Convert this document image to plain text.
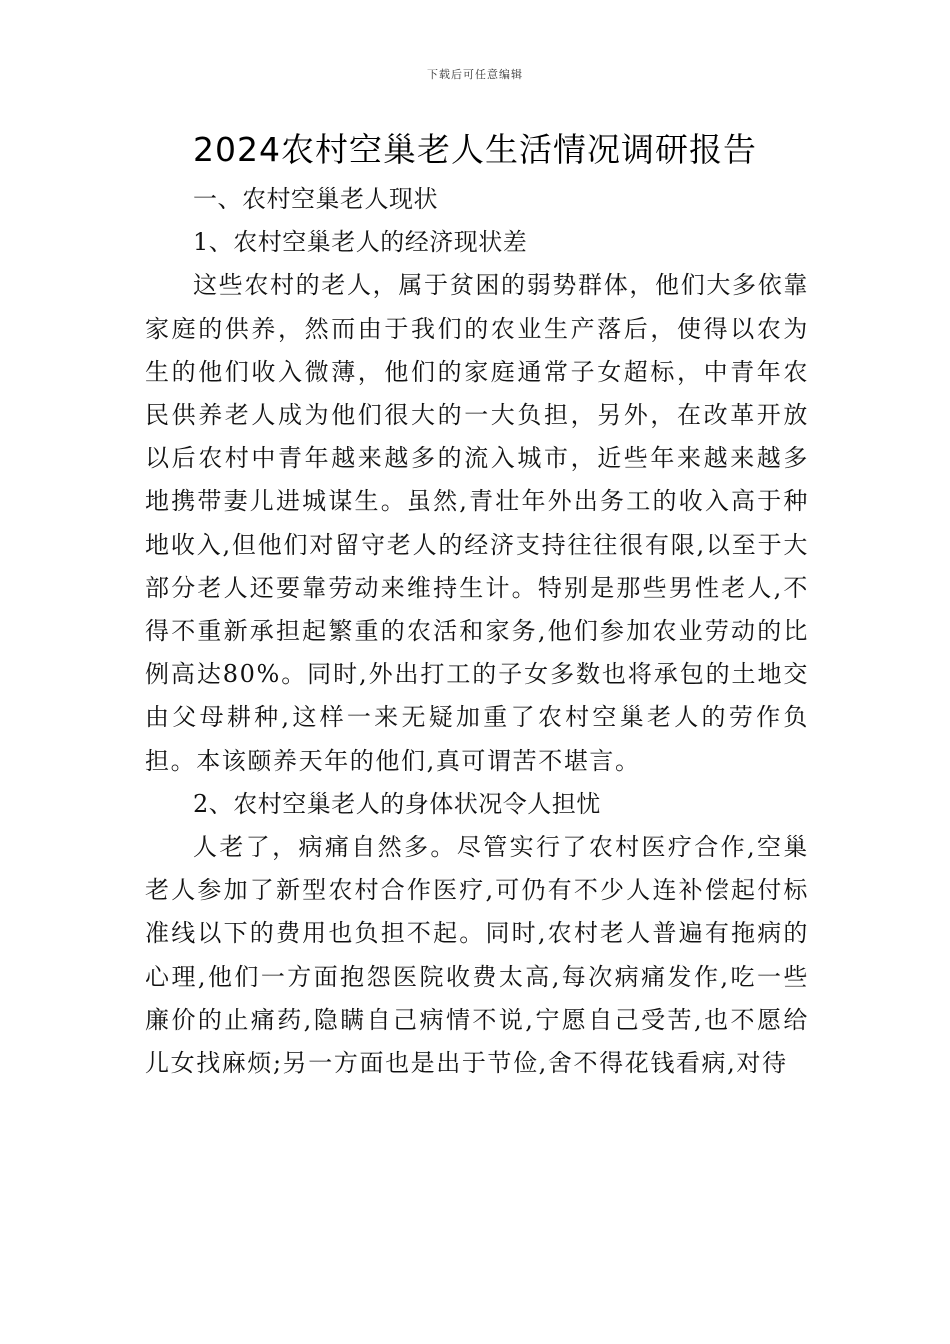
下载后可任意编辑
2024农村空巢老人生活情况调研报告

一、农村空巢老人现状

1、农村空巢老人的经济现状差

这些农村的老人，属于贫困的弱势群体，他们大多依靠家庭的供养，然而由于我们的农业生产落后，使得以农为生的他们收入微薄，他们的家庭通常子女超标，中青年农民供养老人成为他们很大的一大负担，另外，在改革开放以后农村中青年越来越多的流入城市，近些年来越来越多地携带妻儿进城谋生。虽然,青壮年外出务工的收入高于种地收入,但他们对留守老人的经济支持往往很有限,以至于大部分老人还要靠劳动来维持生计。特别是那些男性老人,不得不重新承担起繁重的农活和家务,他们参加农业劳动的比例高达80%。同时,外出打工的子女多数也将承包的土地交由父母耕种,这样一来无疑加重了农村空巢老人的劳作负担。本该颐养天年的他们,真可谓苦不堪言。

2、农村空巢老人的身体状况令人担忧

人老了，病痛自然多。尽管实行了农村医疗合作,空巢老人参加了新型农村合作医疗,可仍有不少人连补偿起付标准线以下的费用也负担不起。同时,农村老人普遍有拖病的心理,他们一方面抱怨医院收费太高,每次病痛发作,吃一些廉价的止痛药,隐瞒自己病情不说,宁愿自己受苦,也不愿给儿女找麻烦;另一方面也是出于节俭,舍不得花钱看病,对待
